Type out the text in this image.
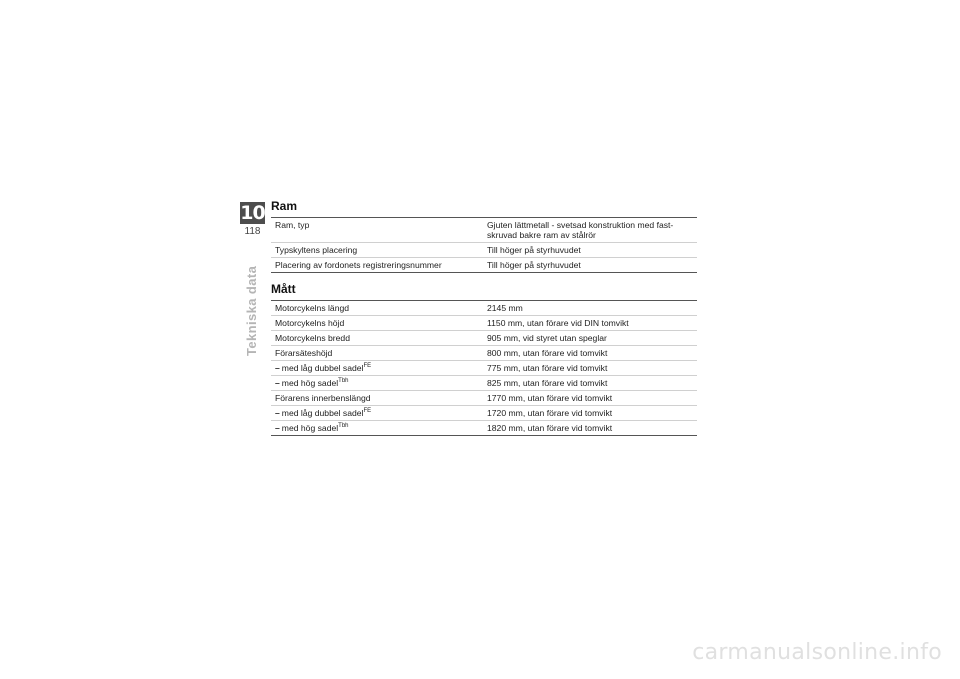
10
118
Tekniska data
Ram
Ram, typ	Gjuten lättmetall - svetsad konstruktion med fast-
skruvad bakre ram av stålrör
Typskyltens placering	Till höger på styrhuvudet
Placering av fordonets registreringsnummer	Till höger på styrhuvudet
Mått
Motorcykelns längd	2145 mm
Motorcykelns höjd	1150 mm, utan förare vid DIN tomvikt
Motorcykelns bredd	905 mm, vid styret utan speglar
Förarsäteshöjd	800 mm, utan förare vid tomvikt
– med låg dubbel sadel$^{FE}$	775 mm, utan förare vid tomvikt
– med hög sadel$^{Tbh}$	825 mm, utan förare vid tomvikt
Förarens innerbenslängd	1770 mm, utan förare vid tomvikt
– med låg dubbel sadel$^{FE}$	1720 mm, utan förare vid tomvikt
– med hög sadel$^{Tbh}$	1820 mm, utan förare vid tomvikt
carmanualsonline.info
